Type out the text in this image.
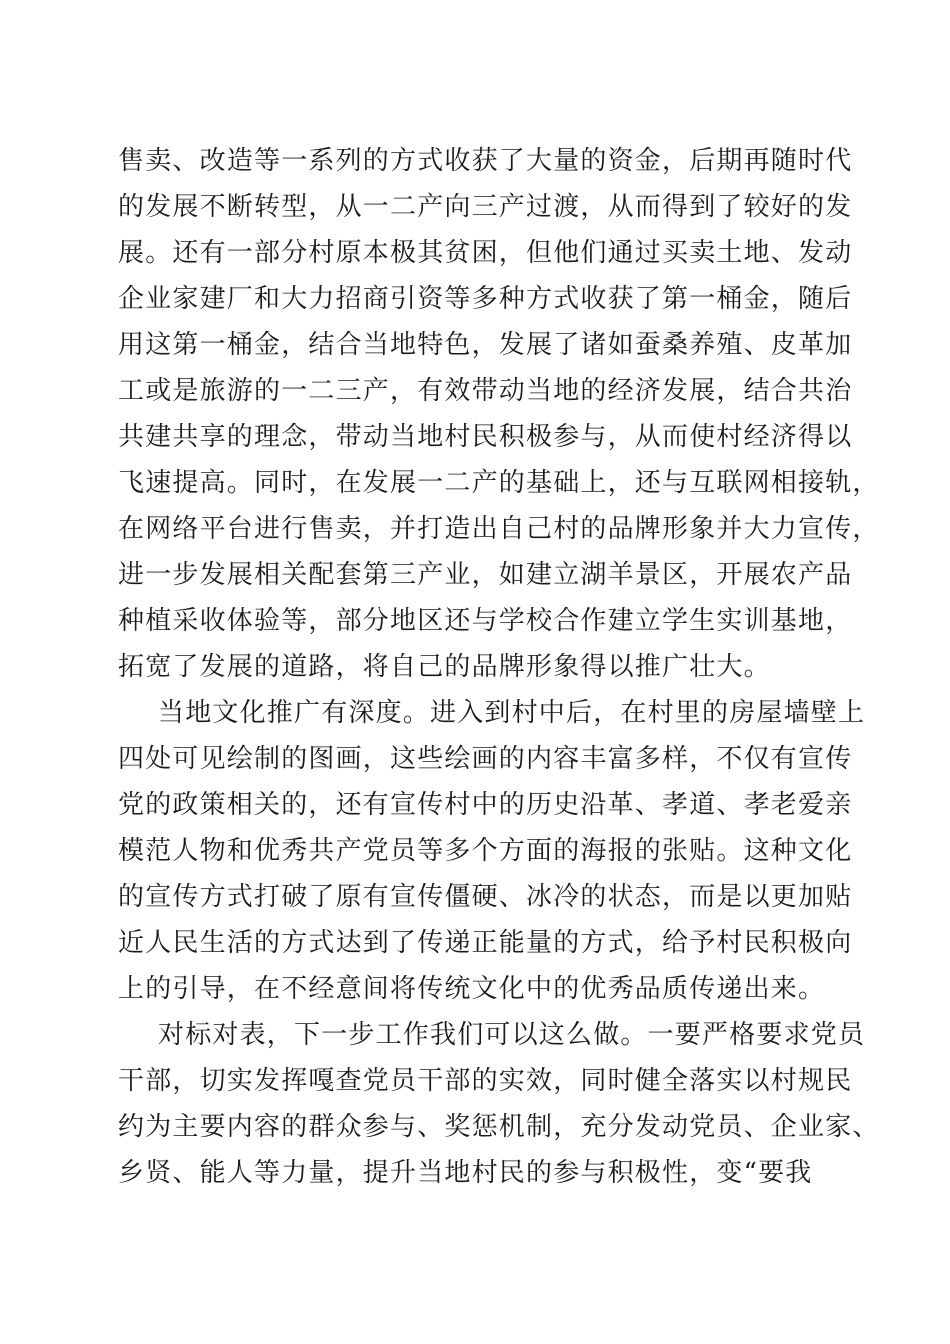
售卖、改造等一系列的方式收获了大量的资金，后期再随时代
的发展不断转型，从一二产向三产过渡，从而得到了较好的发
展。还有一部分村原本极其贫困，但他们通过买卖土地、发动
企业家建厂和大力招商引资等多种方式收获了第一桶金，随后
用这第一桶金，结合当地特色，发展了诸如蚕桑养殖、皮革加
工或是旅游的一二三产，有效带动当地的经济发展，结合共治
共建共享的理念，带动当地村民积极参与，从而使村经济得以
飞速提高。同时，在发展一二产的基础上，还与互联网相接轨，
在网络平台进行售卖，并打造出自己村的品牌形象并大力宣传，
进一步发展相关配套第三产业，如建立湖羊景区，开展农产品
种植采收体验等，部分地区还与学校合作建立学生实训基地，
拓宽了发展的道路，将自己的品牌形象得以推广壮大。
当地文化推广有深度。进入到村中后，在村里的房屋墙壁上
四处可见绘制的图画，这些绘画的内容丰富多样，不仅有宣传
党的政策相关的，还有宣传村中的历史沿革、孝道、孝老爱亲
模范人物和优秀共产党员等多个方面的海报的张贴。这种文化
的宣传方式打破了原有宣传僵硬、冰冷的状态，而是以更加贴
近人民生活的方式达到了传递正能量的方式，给予村民积极向
上的引导，在不经意间将传统文化中的优秀品质传递出来。
对标对表，下一步工作我们可以这么做。一要严格要求党员
干部，切实发挥嘎查党员干部的实效，同时健全落实以村规民
约为主要内容的群众参与、奖惩机制，充分发动党员、企业家、
乡贤、能人等力量，提升当地村民的参与积极性，变“要我
